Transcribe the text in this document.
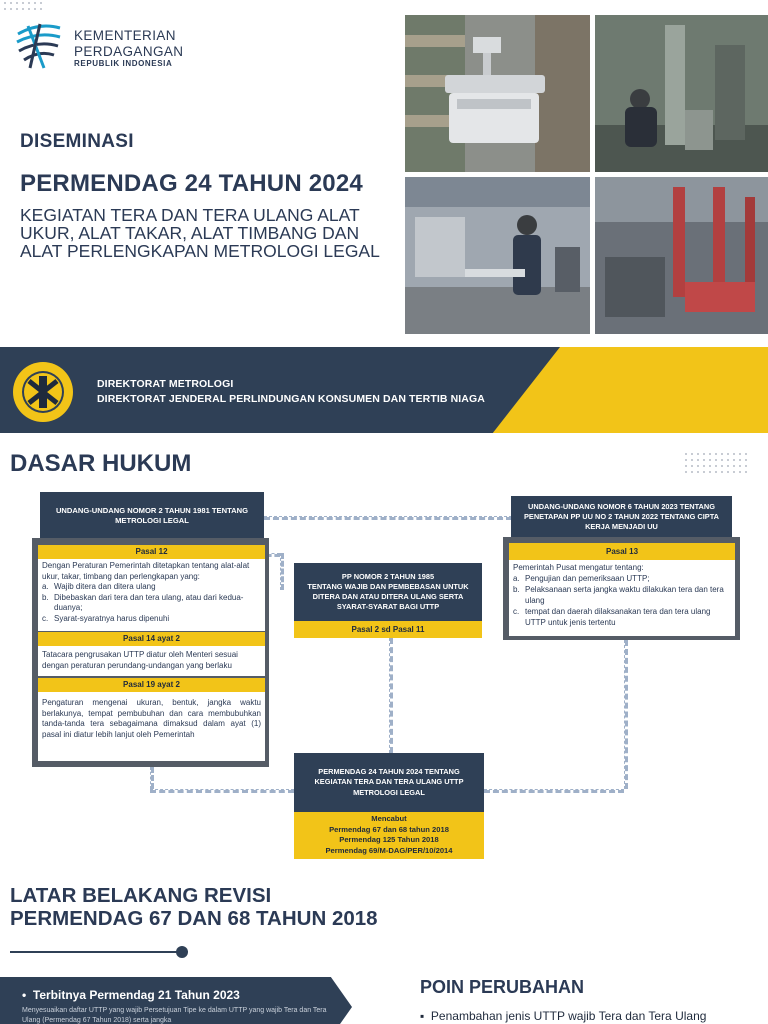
KEMENTERIAN
PERDAGANGAN
REPUBLIK INDONESIA
DISEMINASI
PERMENDAG 24 TAHUN 2024
KEGIATAN TERA DAN TERA ULANG ALAT UKUR, ALAT TAKAR, ALAT TIMBANG DAN ALAT PERLENGKAPAN METROLOGI LEGAL
DIREKTORAT METROLOGI
DIREKTORAT JENDERAL PERLINDUNGAN KONSUMEN DAN TERTIB NIAGA
DASAR HUKUM
UNDANG-UNDANG NOMOR 2 TAHUN 1981 TENTANG METROLOGI LEGAL
Pasal 12
Dengan Peraturan Pemerintah ditetapkan tentang alat-alat ukur, takar, timbang dan perlengkapan yang:
a. Wajib ditera dan ditera ulang
b. Dibebaskan dari tera dan tera ulang, atau dari kedua-duanya;
c. Syarat-syaratnya harus dipenuhi
Pasal 14 ayat 2
Tatacara pengrusakan UTTP diatur oleh Menteri sesuai dengan peraturan perundang-undangan yang berlaku
Pasal 19 ayat 2
Pengaturan mengenai ukuran, bentuk, jangka waktu berlakunya, tempat pembubuhan dan cara membubuhkan tanda-tanda tera sebagaimana dimaksud dalam ayat (1) pasal ini diatur lebih lanjut oleh Pemerintah
PP NOMOR 2 TAHUN 1985
TENTANG WAJIB DAN PEMBEBASAN UNTUK DITERA DAN ATAU DITERA ULANG SERTA SYARAT-SYARAT BAGI UTTP
Pasal 2 sd Pasal 11
UNDANG-UNDANG NOMOR 6 TAHUN 2023 TENTANG PENETAPAN PP UU NO 2 TAHUN 2022 TENTANG CIPTA KERJA MENJADI UU
Pasal 13
Pemerintah Pusat mengatur tentang:
a. Pengujian dan pemeriksaan UTTP;
b. Pelaksanaan serta jangka waktu dilakukan tera dan tera ulang
c. tempat dan daerah dilaksanakan tera dan tera ulang UTTP untuk jenis tertentu
PERMENDAG 24 TAHUN 2024 TENTANG KEGIATAN TERA DAN TERA ULANG UTTP METROLOGI LEGAL
Mencabut
Permendag 67 dan 68 tahun 2018
Permendag 125 Tahun 2018
Permendag 69/M-DAG/PER/10/2014
LATAR BELAKANG REVISI
PERMENDAG 67 DAN 68 TAHUN 2018
•  Terbitnya Permendag 21 Tahun 2023
Menyesuaikan daftar UTTP yang wajib Persetujuan Tipe ke dalam UTTP yang wajib Tera dan Tera Ulang (Permendag 67 Tahun 2018) serta jangka
POIN PERUBAHAN
▪  Penambahan jenis UTTP wajib Tera dan Tera Ulang
